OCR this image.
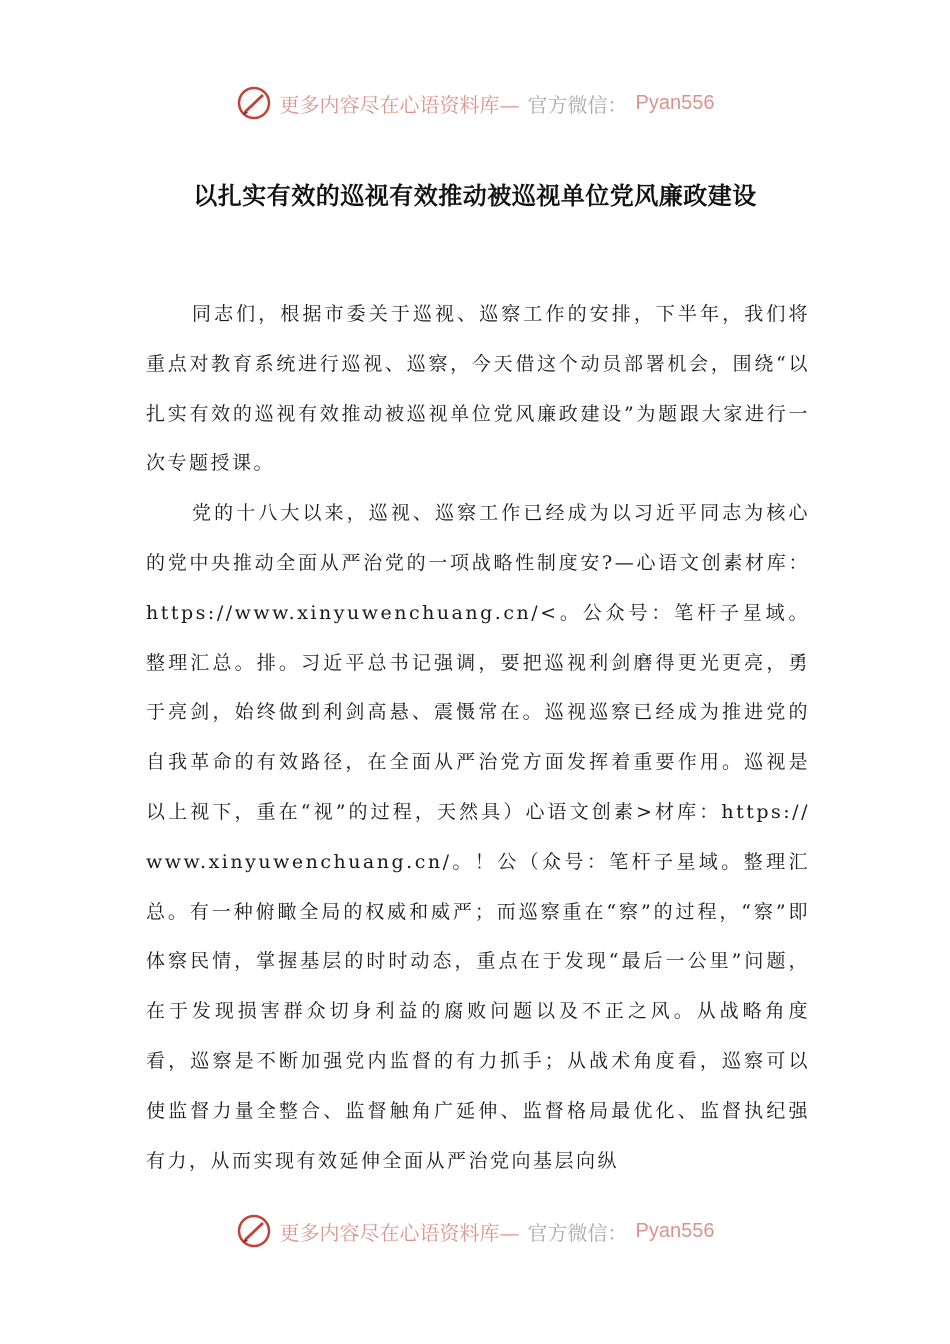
更多内容尽在心语资料库— 官方微信： Pyan556
以扎实有效的巡视有效推动被巡视单位党风廉政建设

同志们，根据市委关于巡视、巡察工作的安排，下半年，我们将重点对教育系统进行巡视、巡察，今天借这个动员部署机会，围绕“以扎实有效的巡视有效推动被巡视单位党风廉政建设”为题跟大家进行一次专题授课。

党的十八大以来，巡视、巡察工作已经成为以习近平同志为核心的党中央推动全面从严治党的一项战略性制度安?—心语文创素材库：https://www.xinyuwenchuang.cn/<。公众号：笔杆子星域。整理汇总。排。习近平总书记强调，要把巡视利剑磨得更光更亮，勇于亮剑，始终做到利剑高悬、震慑常在。巡视巡察已经成为推进党的自我革命的有效路径，在全面从严治党方面发挥着重要作用。巡视是以上视下，重在“视”的过程，天然具）心语文创素>材库：https://www.xinyuwenchuang.cn/。！公（众号：笔杆子星域。整理汇总。有一种俯瞰全局的权威和威严；而巡察重在“察”的过程，“察”即体察民情，掌握基层的时时动态，重点在于发现“最后一公里”问题，在于发现损害群众切身利益的腐败问题以及不正之风。从战略角度看，巡察是不断加强党内监督的有力抓手；从战术角度看，巡察可以使监督力量全整合、监督触角广延伸、监督格局最优化、监督执纪强有力，从而实现有效延伸全面从严治党向基层向纵

更多内容尽在心语资料库— 官方微信： Pyan556
